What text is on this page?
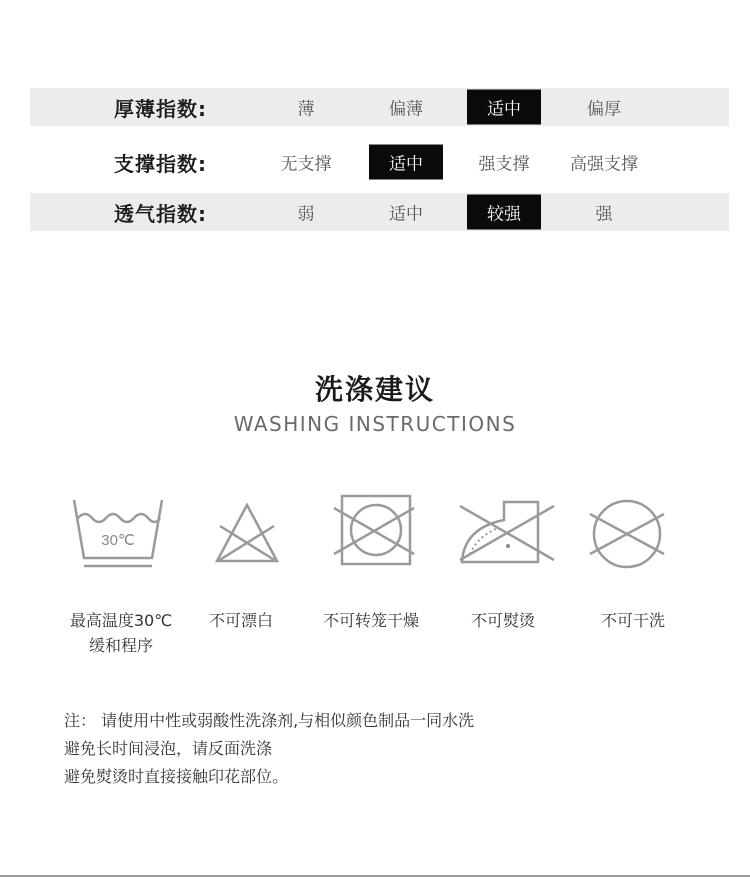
厚薄指数:	薄	偏薄	适中	偏厚
支撑指数:	无支撑	适中	强支撑 高强支撑
透气指数:	弱	适中	较强	强
洗涤建议
WASHING INSTRUCTIONS
30℃
最高温度30℃
缓和程序
不可漂白	不可转笼干燥	不可熨烫	不可干洗
注： 请使用中性或弱酸性洗涤剂,与相似颜色制品一同水洗
避免长时间浸泡，请反面洗涤
避免熨烫时直接接触印花部位。
